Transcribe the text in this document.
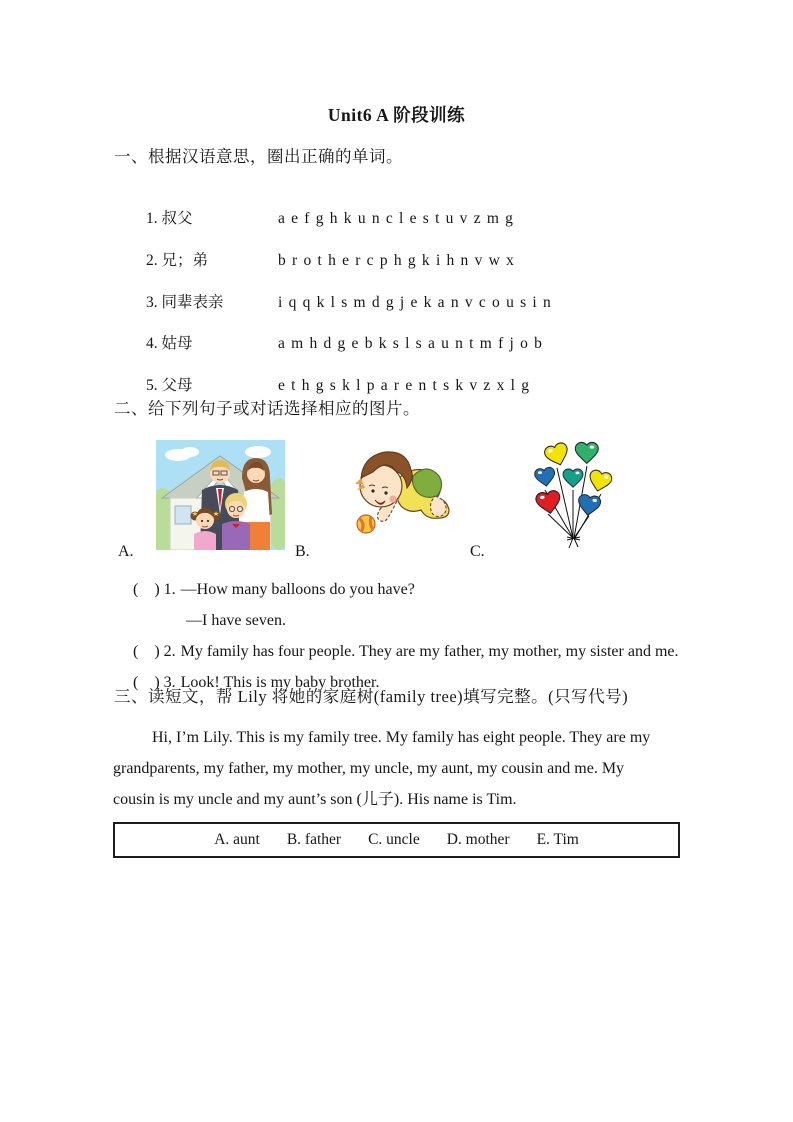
Unit6 A 阶段训练
一、根据汉语意思，圈出正确的单词。

1. 叔父	a e f g h k u n c l e s t u v z m g

2. 兄；弟	b r o t h e r c p h g k i h n v w x

3. 同辈表亲	i q q k l s m d g j e k a n v c o u s i n

4. 姑母	a m h d g e b k s l s a u n t m f j o b

5. 父母	e t h g s k l p a r e n t s k v z x l g

二、给下列句子或对话选择相应的图片。

A.

	B.

	C.

(    ) 1. —How many balloons do you have?

—I have seven.

(    ) 2. My family has four people. They are my father, my mother, my sister and me.

(    ) 3. Look! This is my baby brother.

三、读短文，帮 Lily 将她的家庭树(family tree)填写完整。(只写代号)
Hi, I’m Lily. This is my family tree. My family has eight people. They are my
grandparents, my father, my mother, my uncle, my aunt, my cousin and me. My
cousin is my uncle and my aunt’s son (儿子). His name is Tim.
A. aunt B. father C. uncle D. mother E. Tim
